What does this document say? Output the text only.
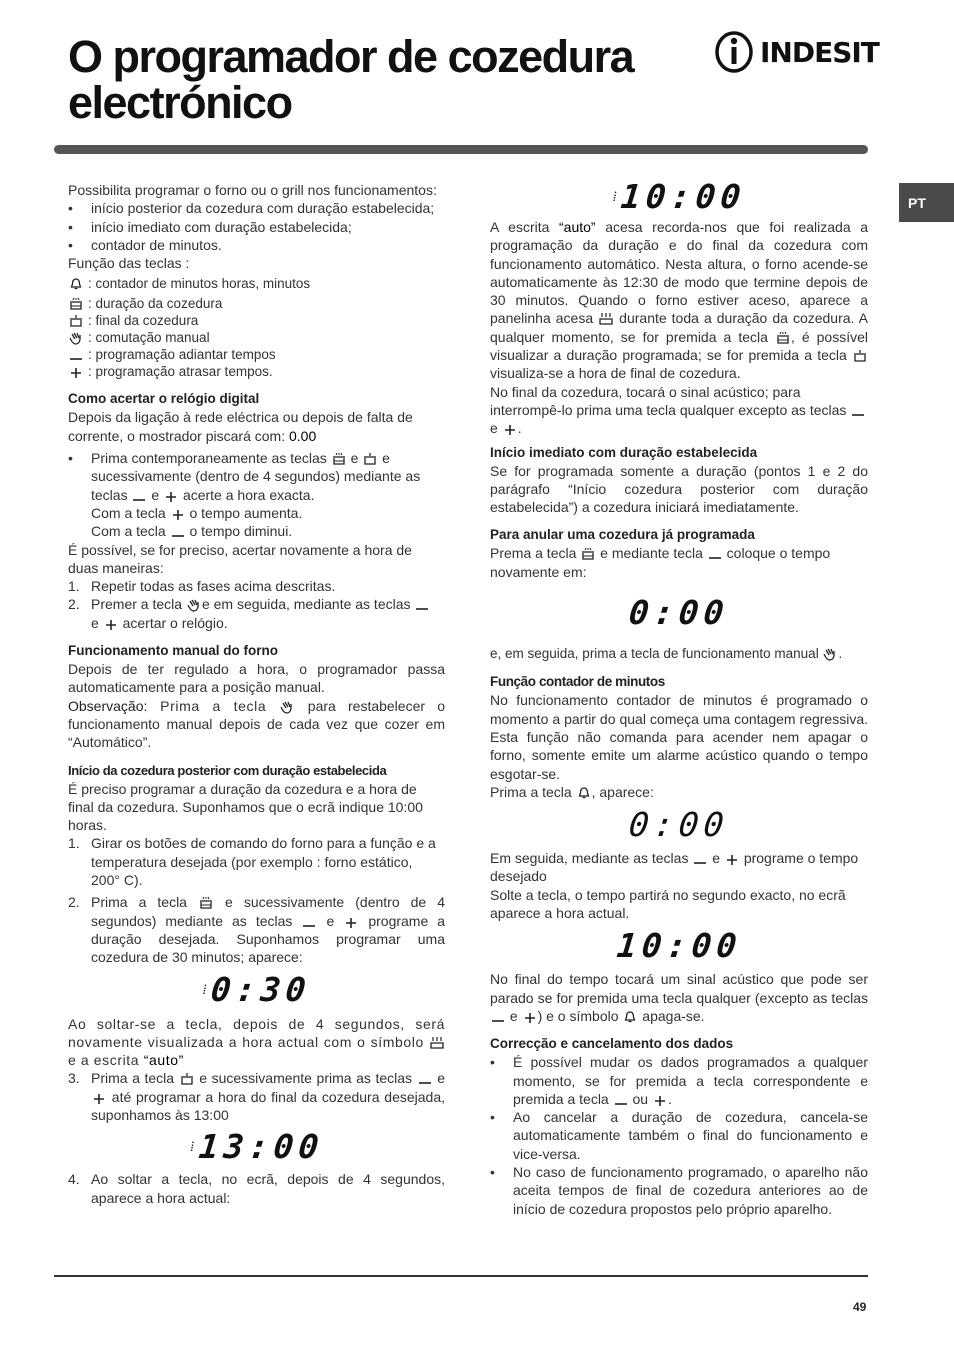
O programador de cozedura
electrónico
INDESIT
PT

Possibilita programar o forno ou o grill nos funcionamentos:

• início posterior da cozedura com duração estabelecida;
• início imediato com duração estabelecida;
• contador de minutos.

Função das teclas :

: contador de minutos horas, minutos
: duração da cozedura
: final da cozedura
: comutação manual
: programação adiantar tempos
: programação atrasar tempos.
Como acertar o relógio digital

Depois da ligação à rede eléctrica ou depois de falta de corrente, o mostrador piscará com: 0.00

• Prima contemporaneamente as teclas e e sucessivamente (dentro de 4 segundos) mediante as teclas e acerte a hora exacta.
Com a tecla o tempo aumenta.
Com a tecla o tempo diminui.

É possível, se for preciso, acertar novamente a hora de duas maneiras:

1. Repetir todas as fases acima descritas.
2. Premer a tecla e em seguida, mediante as teclas
e acertar o relógio.
Funcionamento manual do forno

Depois de ter regulado a hora, o programador passa automaticamente para a posição manual.

Observação: Prima a tecla	para restabelecer o funcionamento manual depois de cada vez que cozer em “Automático”.

Início da cozedura posterior com duração estabelecida

É preciso programar a duração da cozedura e a hora de final da cozedura. Suponhamos que o ecrã indique 10:00 horas.

1. Girar os botões de comando do forno para a função e a temperatura desejada (por exemplo : forno estático, 200° C).
2. Prima a tecla	e sucessivamente (dentro de 4 segundos) mediante as teclas e programe a duração desejada. Suponhamos programar uma cozedura de 30 minutos; aparece:
⁞ 0:30

Ao soltar-se a tecla, depois de 4 segundos, será novamente visualizada a hora actual com o símbolo e a escrita “auto”

3. Prima a tecla e sucessivamente prima as teclas e  até programar a hora do final da cozedura desejada, suponhamos às 13:00
⁞ 13:00
4. Ao soltar a tecla, no ecrã, depois de 4 segundos, aparece a hora actual:
⁞ 10:00

A escrita “auto” acesa recorda-nos que foi realizada a programação da duração e do final da cozedura com funcionamento automático. Nesta altura, o forno acende-se automaticamente às 12:30 de modo que termine depois de 30 minutos. Quando o forno estiver aceso, aparece a panelinha acesa durante toda a duração da cozedura. A qualquer momento, se for premida a tecla , é possível visualizar a duração programada; se for premida a tecla  visualiza-se a hora de final de cozedura.

No final da cozedura, tocará o sinal acústico; para interrompê-lo prima uma tecla qualquer excepto as teclas  e .

Início imediato com duração estabelecida

Se for programada somente a duração (pontos 1 e 2 do parágrafo “Início cozedura posterior com duração estabelecida”) a cozedura iniciará imediatamente.

Para anular uma cozedura já programada

Prema a tecla e mediante tecla coloque o tempo novamente em:

0:00

e, em seguida, prima a tecla de funcionamento manual .

Função contador de minutos

No funcionamento contador de minutos é programado o momento a partir do qual começa uma contagem regressiva. Esta função não comanda para acender nem apagar o forno, somente emite um alarme acústico quando o tempo esgotar-se.

Prima a tecla , aparece:

0:00

Em seguida, mediante as teclas e programe o tempo desejado

Solte a tecla, o tempo partirá no segundo exacto, no ecrã aparece a hora actual.

10:00

No final do tempo tocará um sinal acústico que pode ser parado se for premida uma tecla qualquer (excepto as teclas  e ) e o símbolo apaga-se.

Correcção e cancelamento dos dados
• É possível mudar os dados programados a qualquer momento, se for premida a tecla correspondente e premida a tecla ou .
• Ao cancelar a duração de cozedura, cancela-se automaticamente também o final do funcionamento e vice-versa.
• No caso de funcionamento programado, o aparelho não aceita tempos de final de cozedura anteriores ao de início de cozedura propostos pelo próprio aparelho.
49
